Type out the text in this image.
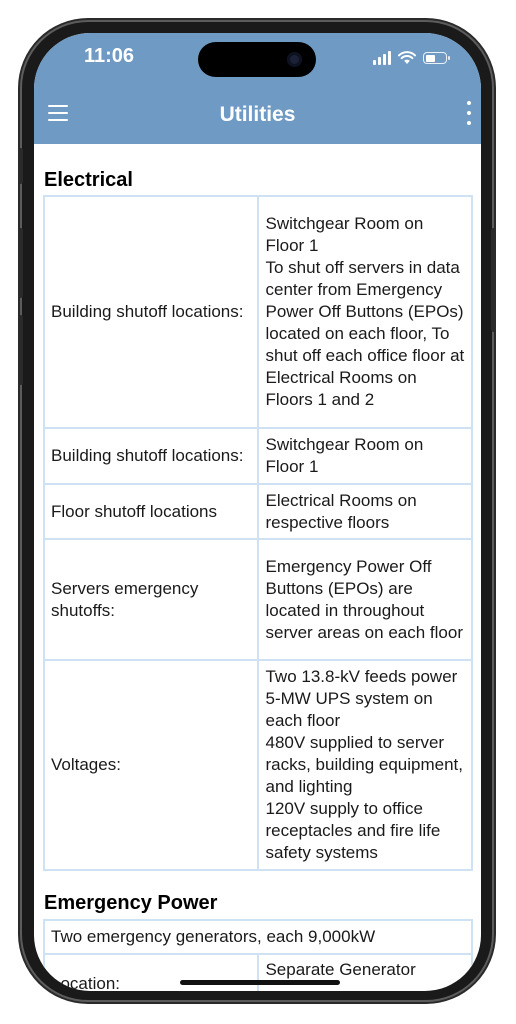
11:06
Utilities
Electrical
Building shutoff locations:	Switchgear Room on Floor 1
To shut off servers in data center from Emergency Power Off Buttons (EPOs) located on each floor, To shut off each office floor at Electrical Rooms on Floors 1 and 2
Building shutoff locations:	Switchgear Room on Floor 1
Floor shutoff locations	Electrical Rooms on respective floors
Servers emergency shutoffs:	Emergency Power Off Buttons (EPOs) are located in throughout server areas on each floor
Voltages:	Two 13.8-kV feeds power 5-MW UPS system on each floor
480V supplied to server racks, building equipment, and lighting
120V supply to office receptacles and fire life safety systems
Emergency Power
Two emergency generators, each 9,000kW
Location:	Separate Generator
